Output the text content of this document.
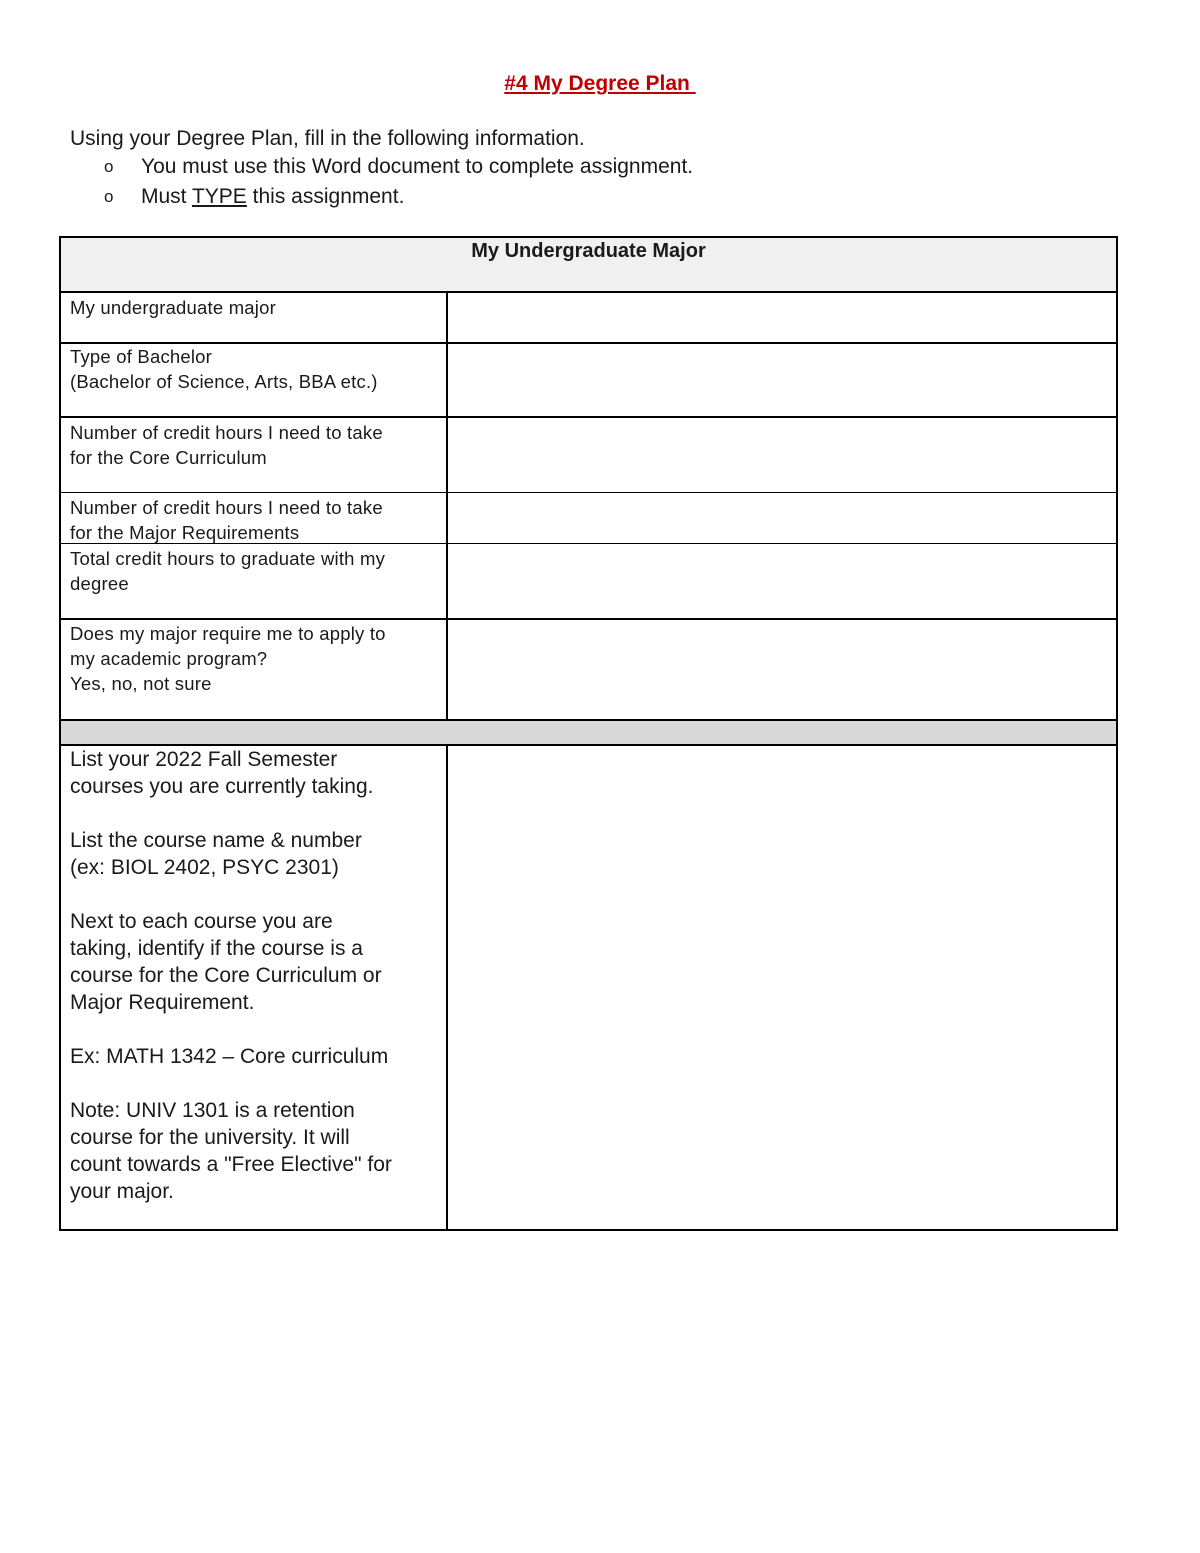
#4 My Degree Plan
Using your Degree Plan, fill in the following information.
o	You must use this Word document to complete assignment.
o	Must TYPE this assignment.
My Undergraduate Major
My undergraduate major
Type of Bachelor
(Bachelor of Science, Arts, BBA etc.)
Number of credit hours I need to take
for the Core Curriculum
Number of credit hours I need to take
for the Major Requirements
Total credit hours to graduate with my
degree
Does my major require me to apply to
my academic program?
Yes, no, not sure
List your 2022 Fall Semester
courses you are currently taking.
List the course name & number
(ex: BIOL 2402, PSYC 2301)
Next to each course you are
taking, identify if the course is a
course for the Core Curriculum or
Major Requirement.
Ex: MATH 1342 – Core curriculum
Note: UNIV 1301 is a retention
course for the university. It will
count towards a "Free Elective" for
your major.
